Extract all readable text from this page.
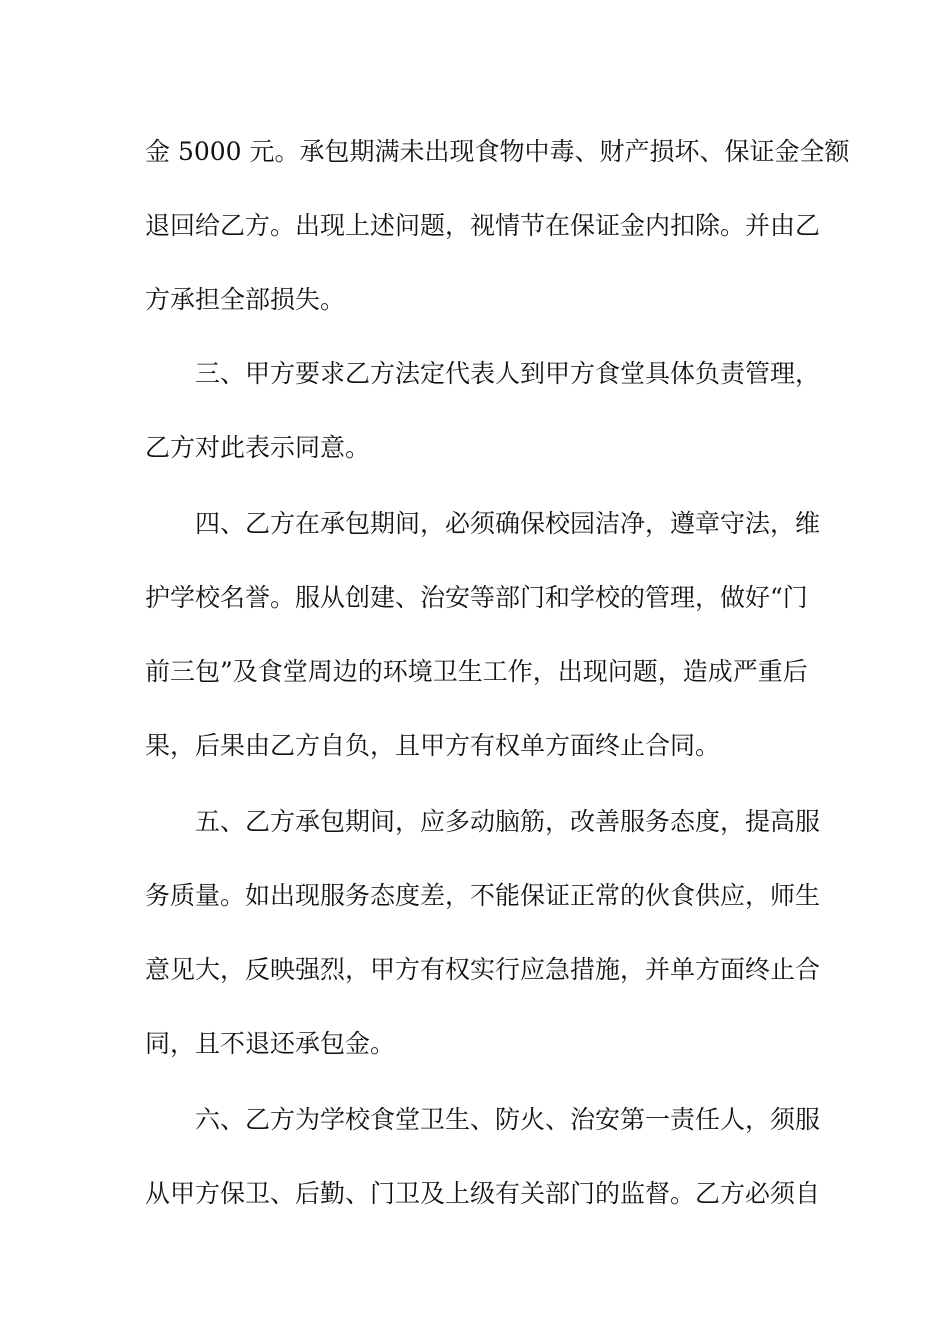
金 5000 元。承包期满未出现食物中毒、财产损坏、保证金全额

退回给乙方。出现上述问题，视情节在保证金内扣除。并由乙

方承担全部损失。

三、甲方要求乙方法定代表人到甲方食堂具体负责管理，

乙方对此表示同意。

四、乙方在承包期间，必须确保校园洁净，遵章守法，维

护学校名誉。服从创建、治安等部门和学校的管理，做好“门

前三包”及食堂周边的环境卫生工作，出现问题，造成严重后

果，后果由乙方自负，且甲方有权单方面终止合同。

五、乙方承包期间，应多动脑筋，改善服务态度，提高服

务质量。如出现服务态度差，不能保证正常的伙食供应，师生

意见大，反映强烈，甲方有权实行应急措施，并单方面终止合

同，且不退还承包金。

六、乙方为学校食堂卫生、防火、治安第一责任人，须服

从甲方保卫、后勤、门卫及上级有关部门的监督。乙方必须自
